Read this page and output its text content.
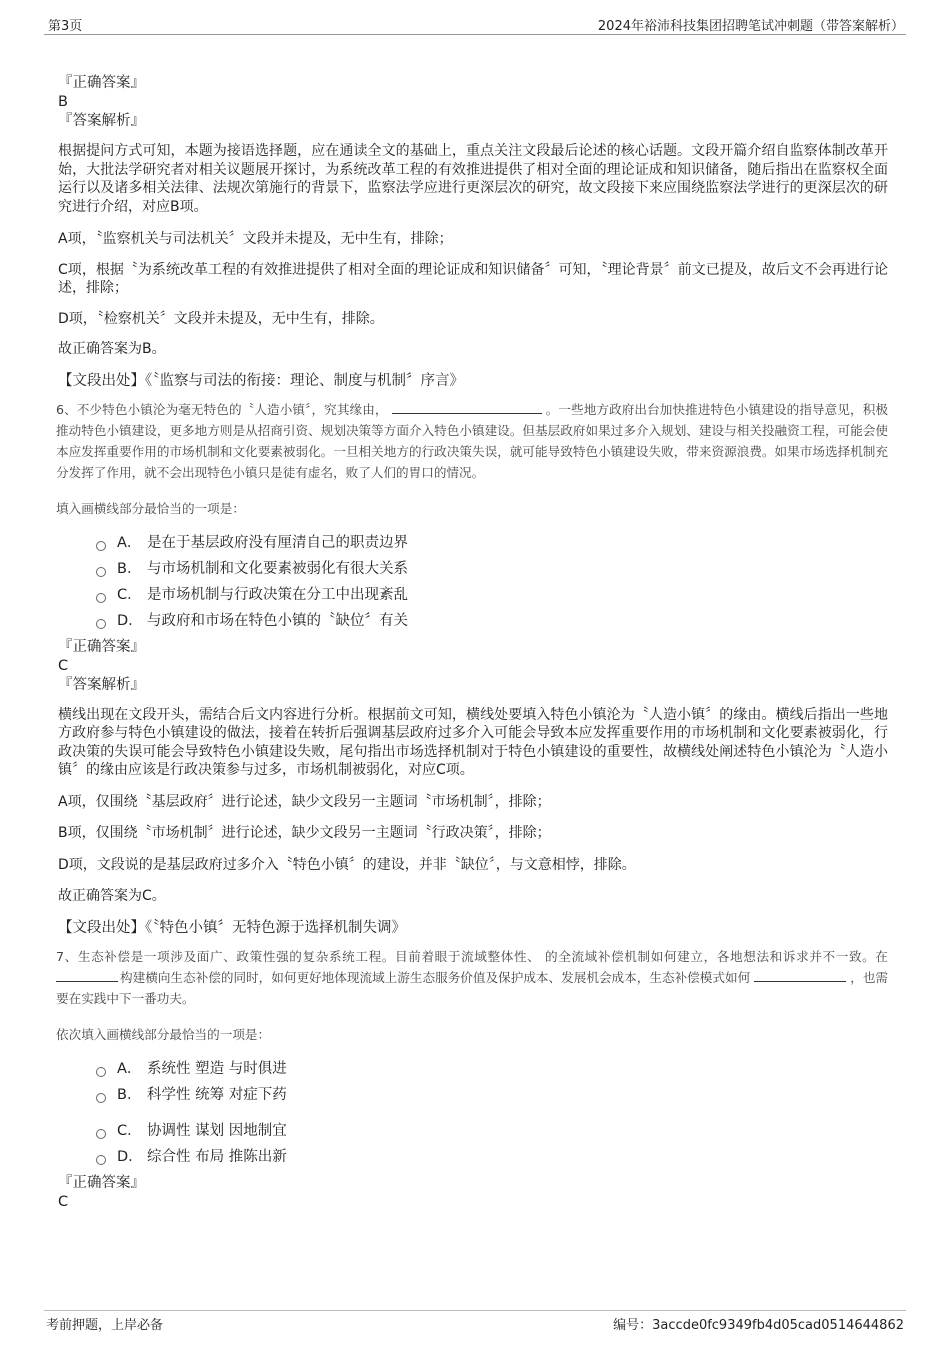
第3页	2024年裕沛科技集团招聘笔试冲刺题（带答案解析）

『正确答案』

B

『答案解析』

根据提问方式可知，本题为接语选择题，应在通读全文的基础上，重点关注文段最后论述的核心话题。文段开篇介绍自监察体制改革开始，大批法学研究者对相关议题展开探讨，为系统改革工程的有效推进提供了相对全面的理论证成和知识储备，随后指出在监察权全面运行以及诸多相关法律、法规次第施行的背景下，监察法学应进行更深层次的研究，故文段接下来应围绕监察法学进行的更深层次的研究进行介绍，对应B项。

A项，〝监察机关与司法机关〞文段并未提及，无中生有，排除；

C项，根据〝为系统改革工程的有效推进提供了相对全面的理论证成和知识储备〞可知，〝理论背景〞前文已提及，故后文不会再进行论述，排除；

D项，〝检察机关〞文段并未提及，无中生有，排除。

故正确答案为B。

【文段出处】《〝监察与司法的衔接：理论、制度与机制〞序言》

6、不少特色小镇沦为毫无特色的〝人造小镇〞，究其缘由，	。一些地方政府出台加快推进特色小镇建设的指导意见，积极推动特色小镇建设，更多地方则是从招商引资、规划决策等方面介入特色小镇建设。但基层政府如果过多介入规划、建设与相关投融资工程，可能会使本应发挥重要作用的市场机制和文化要素被弱化。一旦相关地方的行政决策失误，就可能导致特色小镇建设失败，带来资源浪费。如果市场选择机制充分发挥了作用，就不会出现特色小镇只是徒有虚名，败了人们的胃口的情况。

填入画横线部分最恰当的一项是：

A． 是在于基层政府没有厘清自己的职责边界
B． 与市场机制和文化要素被弱化有很大关系
C． 是市场机制与行政决策在分工中出现紊乱
D． 与政府和市场在特色小镇的〝缺位〞有关

『正确答案』

C

『答案解析』

横线出现在文段开头，需结合后文内容进行分析。根据前文可知，横线处要填入特色小镇沦为〝人造小镇〞的缘由。横线后指出一些地方政府参与特色小镇建设的做法，接着在转折后强调基层政府过多介入可能会导致本应发挥重要作用的市场机制和文化要素被弱化，行政决策的失误可能会导致特色小镇建设失败，尾句指出市场选择机制对于特色小镇建设的重要性，故横线处阐述特色小镇沦为〝人造小镇〞的缘由应该是行政决策参与过多，市场机制被弱化，对应C项。

A项，仅围绕〝基层政府〞进行论述，缺少文段另一主题词〝市场机制〞，排除；

B项，仅围绕〝市场机制〞进行论述，缺少文段另一主题词〝行政决策〞，排除；

D项，文段说的是基层政府过多介入〝特色小镇〞的建设，并非〝缺位〞，与文意相悖，排除。

故正确答案为C。

【文段出处】《〝特色小镇〞无特色源于选择机制失调》

7、生态补偿是一项涉及面广、政策性强的复杂系统工程。目前着眼于流域整体性、 的全流域补偿机制如何建立，各地想法和诉求并不一致。在构建横向生态补偿的同时，如何更好地体现流域上游生态服务价值及保护成本、发展机会成本，生态补偿模式如何	，也需要在实践中下一番功夫。

依次填入画横线部分最恰当的一项是：

A． 系统性 塑造 与时俱进
B． 科学性 统筹 对症下药
C． 协调性 谋划 因地制宜
D． 综合性 布局 推陈出新

『正确答案』

C

考前押题，上岸必备	编号：3accde0fc9349fb4d05cad0514644862
